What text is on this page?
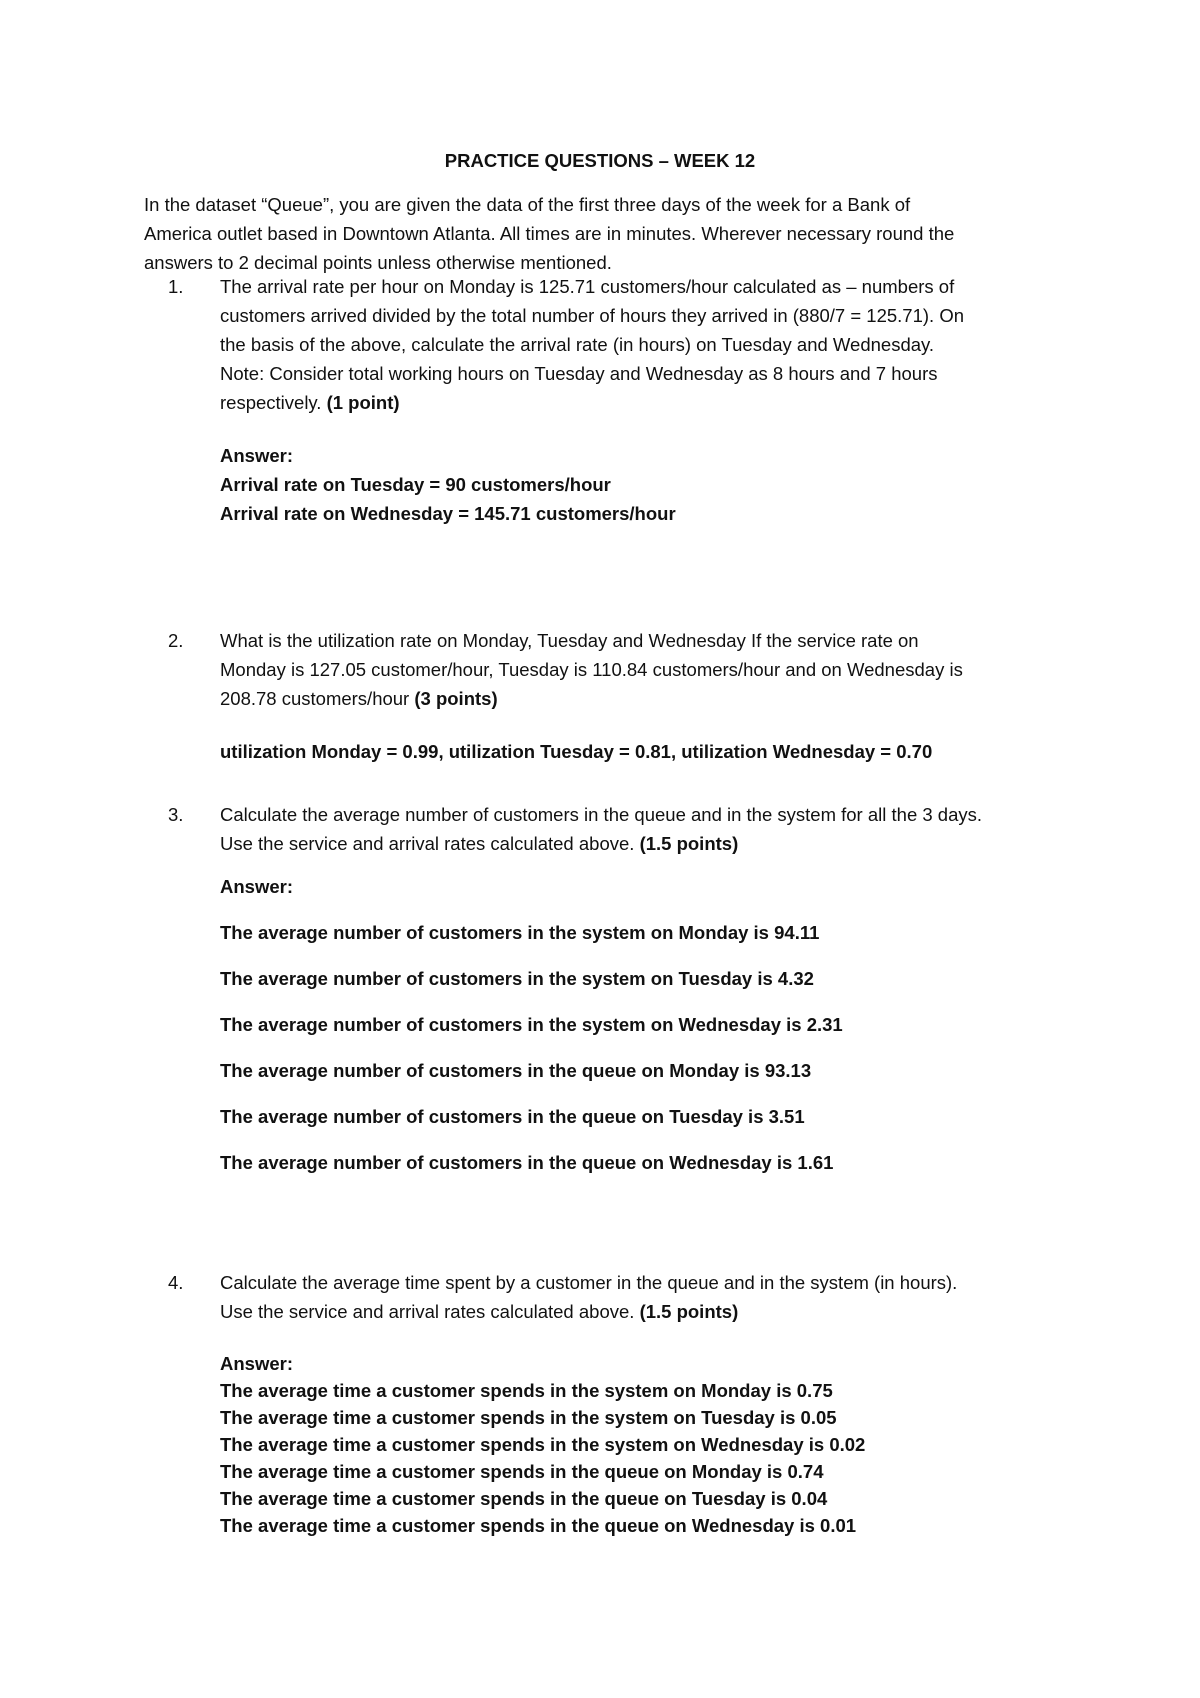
PRACTICE QUESTIONS – WEEK 12
In the dataset “Queue”, you are given the data of the first three days of the week for a Bank of
America outlet based in Downtown Atlanta. All times are in minutes. Wherever necessary round the
answers to 2 decimal points unless otherwise mentioned.
1. The arrival rate per hour on Monday is 125.71 customers/hour calculated as – numbers of
customers arrived divided by the total number of hours they arrived in (880/7 = 125.71). On
the basis of the above, calculate the arrival rate (in hours) on Tuesday and Wednesday.
Note: Consider total working hours on Tuesday and Wednesday as 8 hours and 7 hours
respectively. (1 point)
Answer:
Arrival rate on Tuesday = 90 customers/hour
Arrival rate on Wednesday = 145.71 customers/hour
2. What is the utilization rate on Monday, Tuesday and Wednesday If the service rate on
Monday is 127.05 customer/hour, Tuesday is 110.84 customers/hour and on Wednesday is
208.78 customers/hour (3 points)
utilization Monday = 0.99, utilization Tuesday = 0.81, utilization Wednesday = 0.70
3. Calculate the average number of customers in the queue and in the system for all the 3 days.
Use the service and arrival rates calculated above. (1.5 points)
Answer:
The average number of customers in the system on Monday is 94.11
The average number of customers in the system on Tuesday is 4.32
The average number of customers in the system on Wednesday is 2.31
The average number of customers in the queue on Monday is 93.13
The average number of customers in the queue on Tuesday is 3.51
The average number of customers in the queue on Wednesday is 1.61
4. Calculate the average time spent by a customer in the queue and in the system (in hours).
Use the service and arrival rates calculated above. (1.5 points)
Answer:
The average time a customer spends in the system on Monday is 0.75
The average time a customer spends in the system on Tuesday is 0.05
The average time a customer spends in the system on Wednesday is 0.02
The average time a customer spends in the queue on Monday is 0.74
The average time a customer spends in the queue on Tuesday is 0.04
The average time a customer spends in the queue on Wednesday is 0.01
